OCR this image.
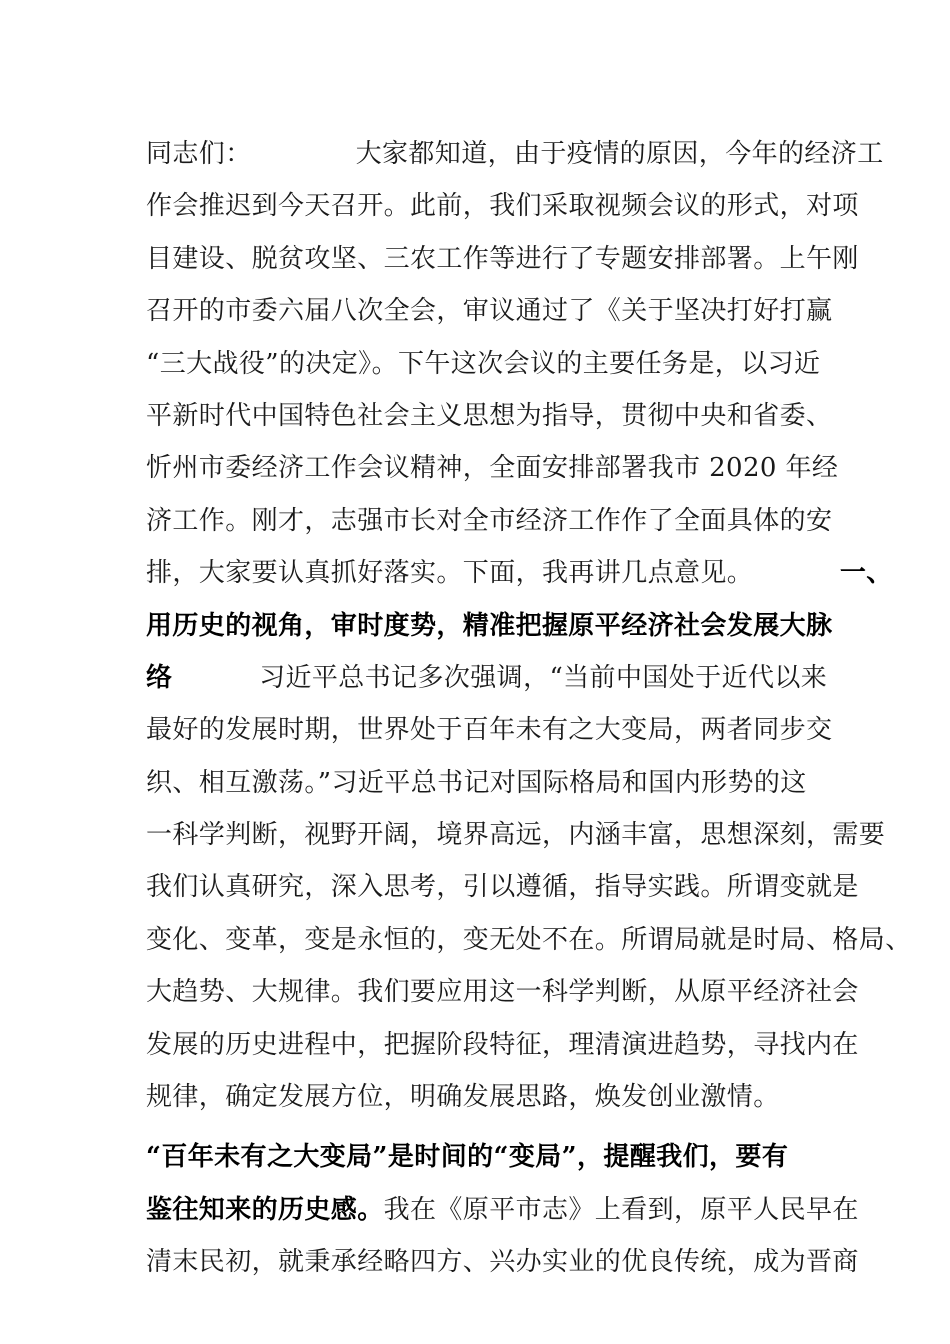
同志们：	大家都知道，由于疫情的原因，今年的经济工
作会推迟到今天召开。此前，我们采取视频会议的形式，对项
目建设、脱贫攻坚、三农工作等进行了专题安排部署。上午刚
召开的市委六届八次全会，审议通过了《关于坚决打好打赢
“三大战役”的决定》。下午这次会议的主要任务是，以习近
平新时代中国特色社会主义思想为指导，贯彻中央和省委、
忻州市委经济工作会议精神，全面安排部署我市 2020 年经
济工作。刚才，志强市长对全市经济工作作了全面具体的安
排，大家要认真抓好落实。下面，我再讲几点意见。	一、
用历史的视角，审时度势，精准把握原平经济社会发展大脉
络	习近平总书记多次强调，“当前中国处于近代以来
最好的发展时期，世界处于百年未有之大变局，两者同步交
织、相互激荡。”习近平总书记对国际格局和国内形势的这
一科学判断，视野开阔，境界高远，内涵丰富，思想深刻，需要
我们认真研究，深入思考，引以遵循，指导实践。所谓变就是
变化、变革，变是永恒的，变无处不在。所谓局就是时局、格局、
大趋势、大规律。我们要应用这一科学判断，从原平经济社会
发展的历史进程中，把握阶段特征，理清演进趋势，寻找内在
规律，确定发展方位，明确发展思路，焕发创业激情。
“百年未有之大变局”是时间的“变局”，提醒我们，要有
鉴往知来的历史感。我在《原平市志》上看到，原平人民早在
清末民初，就秉承经略四方、兴办实业的优良传统，成为晋商
